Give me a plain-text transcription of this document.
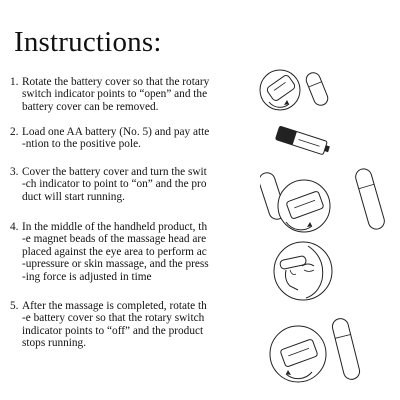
Instructions:
1. Rotate the battery cover so that the rotary
switch indicator points to “open” and the
battery cover can be removed.
2. Load one AA battery (No. 5) and pay atte
-ntion to the positive pole.
3. Cover the battery cover and turn the swit
-ch indicator to point to “on” and the pro
duct will start running.
4. In the middle of the handheld product, th
-e magnet beads of the massage head are
placed against the eye area to perform ac
-upressure or skin massage, and the press
-ing force is adjusted in time
5. After the massage is completed, rotate th
-e battery cover so that the rotary switch
indicator points to “off” and the product
stops running.
